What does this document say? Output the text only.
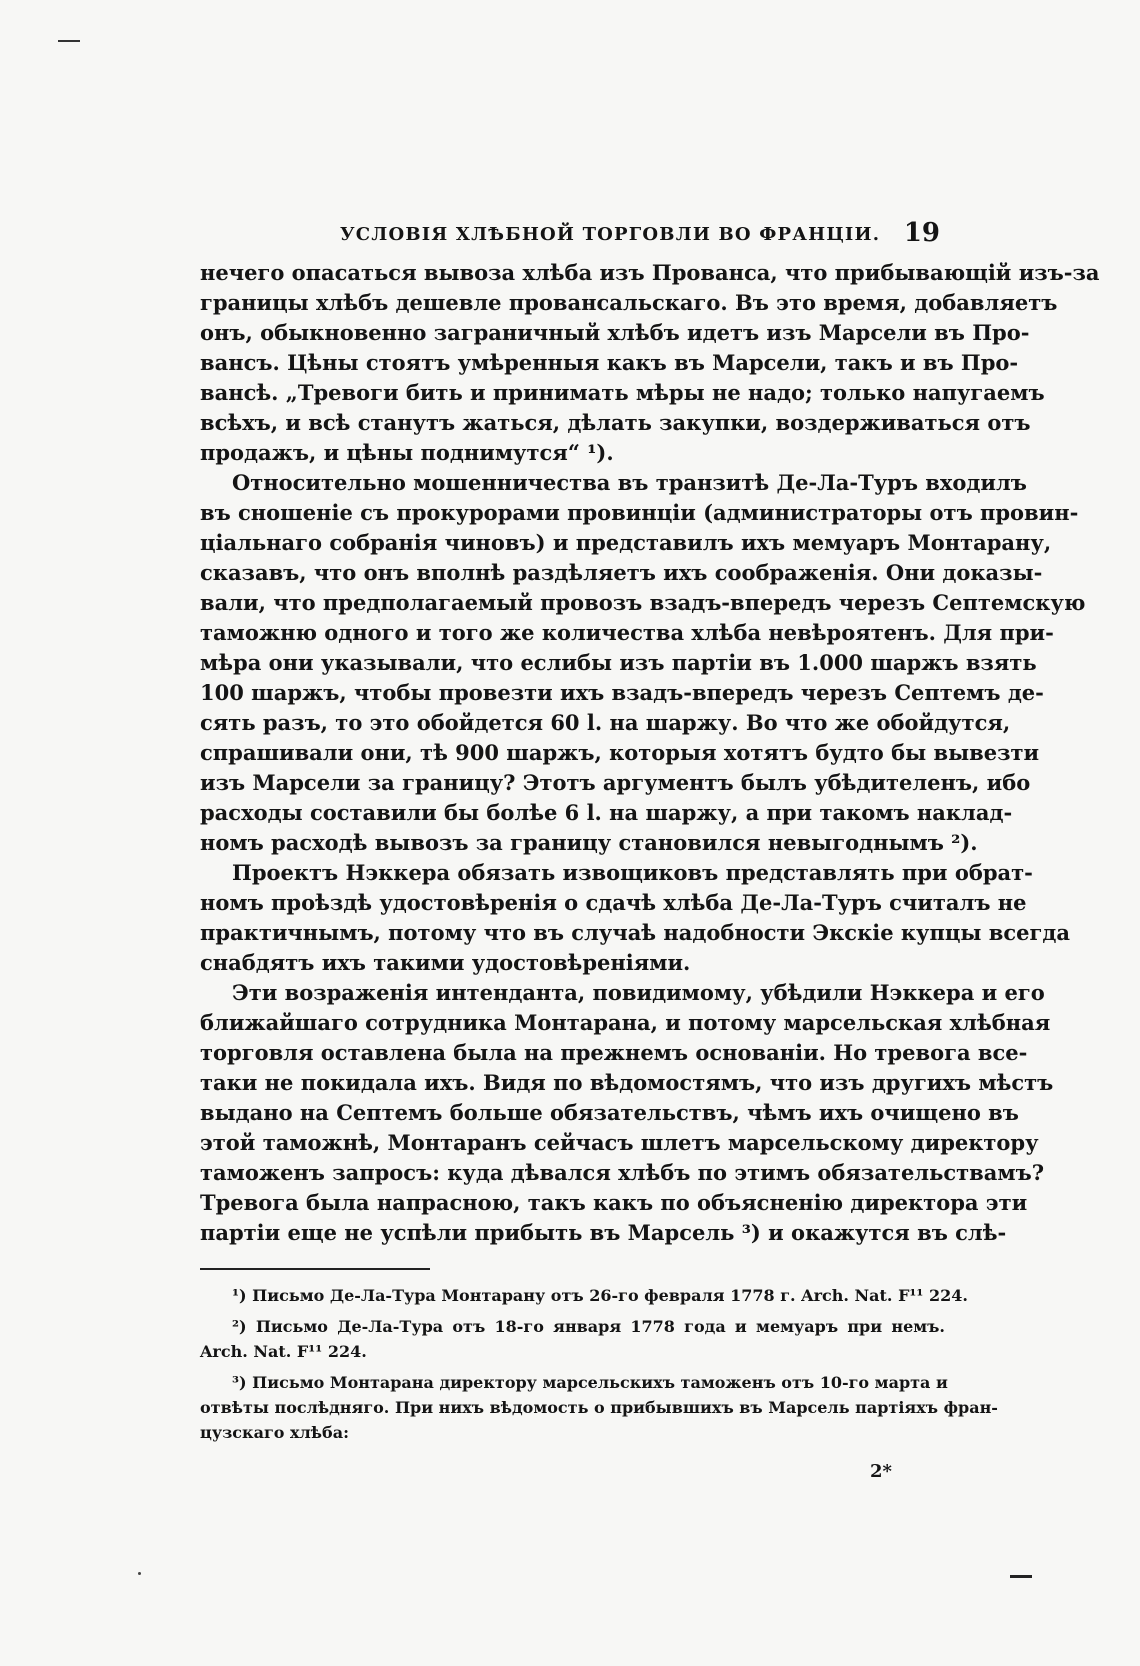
УСЛОВІЯ ХЛѢБНОЙ ТОРГОВЛИ ВО ФРАНЦІИ. 19
нечего опасаться вывоза хлѣба изъ Прованса, что прибывающій изъ-за
границы хлѣбъ дешевле провансальскаго. Въ это время, добавляетъ
онъ, обыкновенно заграничный хлѣбъ идетъ изъ Марсели въ Про-
вансъ. Цѣны стоятъ умѣренныя какъ въ Марсели, такъ и въ Про-
вансѣ. „Тревоги бить и принимать мѣры не надо; только напугаемъ
всѣхъ, и всѣ станутъ жаться, дѣлать закупки, воздерживаться отъ
продажъ, и цѣны поднимутся“ ¹).
Относительно мошенничества въ транзитѣ Де-Ла-Туръ входилъ
въ сношеніе съ прокурорами провинціи (администраторы отъ провин-
ціальнаго собранія чиновъ) и представилъ ихъ мемуаръ Монтарану,
сказавъ, что онъ вполнѣ раздѣляетъ ихъ соображенія. Они доказы-
вали, что предполагаемый провозъ взадъ-впередъ черезъ Септемскую
таможню одного и того же количества хлѣба невѣроятенъ. Для при-
мѣра они указывали, что еслибы изъ партіи въ 1.000 шаржъ взять
100 шаржъ, чтобы провезти ихъ взадъ-впередъ черезъ Септемъ де-
сять разъ, то это обойдется 60 l. на шаржу. Во что же обойдутся,
спрашивали они, тѣ 900 шаржъ, которыя хотятъ будто бы вывезти
изъ Марсели за границу? Этотъ аргументъ былъ убѣдителенъ, ибо
расходы составили бы болѣе 6 l. на шаржу, а при такомъ наклад-
номъ расходѣ вывозъ за границу становился невыгоднымъ ²).
Проектъ Нэккера обязать извощиковъ представлять при обрат-
номъ проѣздѣ удостовѣренія о сдачѣ хлѣба Де-Ла-Туръ считалъ не
практичнымъ, потому что въ случаѣ надобности Экскіе купцы всегда
снабдятъ ихъ такими удостовѣреніями.
Эти возраженія интенданта, повидимому, убѣдили Нэккера и его
ближайшаго сотрудника Монтарана, и потому марсельская хлѣбная
торговля оставлена была на прежнемъ основаніи. Но тревога все-
таки не покидала ихъ. Видя по вѣдомостямъ, что изъ другихъ мѣстъ
выдано на Септемъ больше обязательствъ, чѣмъ ихъ очищено въ
этой таможнѣ, Монтаранъ сейчасъ шлетъ марсельскому директору
таможенъ запросъ: куда дѣвался хлѣбъ по этимъ обязательствамъ?
Тревога была напрасною, такъ какъ по объясненію директора эти
партіи еще не успѣли прибыть въ Марсель ³) и окажутся въ слѣ-
¹) Письмо Де-Ла-Тура Монтарану отъ 26-го февраля 1778 г. Arch. Nat. F¹¹ 224.
²) Письмо Де-Ла-Тура отъ 18-го января 1778 года и мемуаръ при немъ.
Arch. Nat. F¹¹ 224.
³) Письмо Монтарана директору марсельскихъ таможенъ отъ 10-го марта и
отвѣты послѣдняго. При нихъ вѣдомость о прибывшихъ въ Марсель партіяхъ фран-
цузскаго хлѣба:
2*
